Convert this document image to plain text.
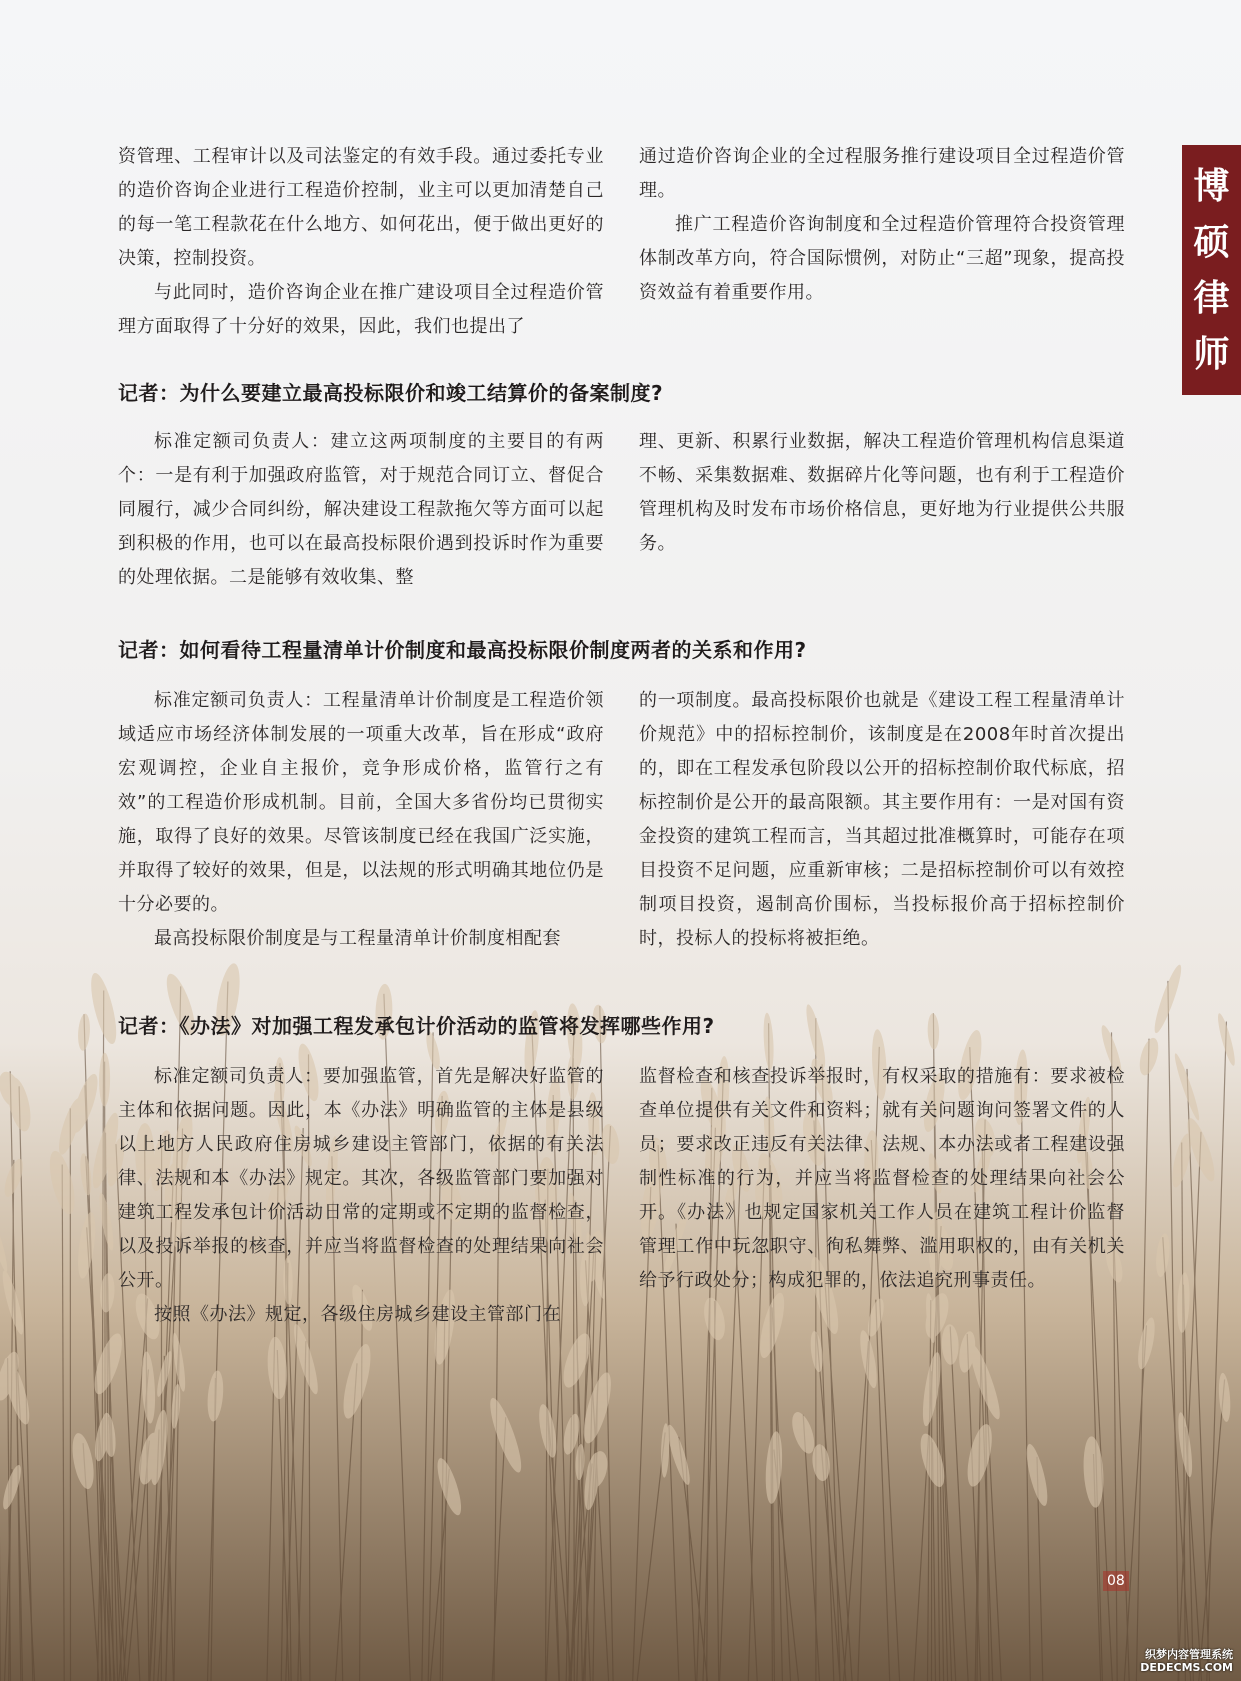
博
硕
律
师

资管理、工程审计以及司法鉴定的有效手段。通过委托专业的造价咨询企业进行工程造价控制，业主可以更加清楚自己的每一笔工程款花在什么地方、如何花出，便于做出更好的决策，控制投资。

与此同时，造价咨询企业在推广建设项目全过程造价管理方面取得了十分好的效果，因此，我们也提出了

通过造价咨询企业的全过程服务推行建设项目全过程造价管理。

推广工程造价咨询制度和全过程造价管理符合投资管理体制改革方向，符合国际惯例，对防止“三超”现象，提高投资效益有着重要作用。

记者：为什么要建立最高投标限价和竣工结算价的备案制度?

标准定额司负责人：建立这两项制度的主要目的有两个：一是有利于加强政府监管，对于规范合同订立、督促合同履行，减少合同纠纷，解决建设工程款拖欠等方面可以起到积极的作用，也可以在最高投标限价遇到投诉时作为重要的处理依据。二是能够有效收集、整

理、更新、积累行业数据，解决工程造价管理机构信息渠道不畅、采集数据难、数据碎片化等问题，也有利于工程造价管理机构及时发布市场价格信息，更好地为行业提供公共服务。

记者：如何看待工程量清单计价制度和最高投标限价制度两者的关系和作用?

标准定额司负责人：工程量清单计价制度是工程造价领域适应市场经济体制发展的一项重大改革，旨在形成“政府宏观调控，企业自主报价，竞争形成价格，监管行之有效”的工程造价形成机制。目前，全国大多省份均已贯彻实施，取得了良好的效果。尽管该制度已经在我国广泛实施，并取得了较好的效果，但是，以法规的形式明确其地位仍是十分必要的。

最高投标限价制度是与工程量清单计价制度相配套

的一项制度。最高投标限价也就是《建设工程工程量清单计价规范》中的招标控制价，该制度是在2008年时首次提出的，即在工程发承包阶段以公开的招标控制价取代标底，招标控制价是公开的最高限额。其主要作用有：一是对国有资金投资的建筑工程而言，当其超过批准概算时，可能存在项目投资不足问题，应重新审核；二是招标控制价可以有效控制项目投资，遏制高价围标，当投标报价高于招标控制价时，投标人的投标将被拒绝。

记者：《办法》对加强工程发承包计价活动的监管将发挥哪些作用?

标准定额司负责人：要加强监管，首先是解决好监管的主体和依据问题。因此，本《办法》明确监管的主体是县级以上地方人民政府住房城乡建设主管部门，依据的有关法律、法规和本《办法》规定。其次，各级监管部门要加强对建筑工程发承包计价活动日常的定期或不定期的监督检查，以及投诉举报的核查，并应当将监督检查的处理结果向社会公开。

按照《办法》规定，各级住房城乡建设主管部门在

监督检查和核查投诉举报时，有权采取的措施有：要求被检查单位提供有关文件和资料；就有关问题询问签署文件的人员；要求改正违反有关法律、法规、本办法或者工程建设强制性标准的行为，并应当将监督检查的处理结果向社会公开。《办法》也规定国家机关工作人员在建筑工程计价监督管理工作中玩忽职守、徇私舞弊、滥用职权的，由有关机关给予行政处分；构成犯罪的，依法追究刑事责任。

08
织梦内容管理系统
DEDECMS.COM
